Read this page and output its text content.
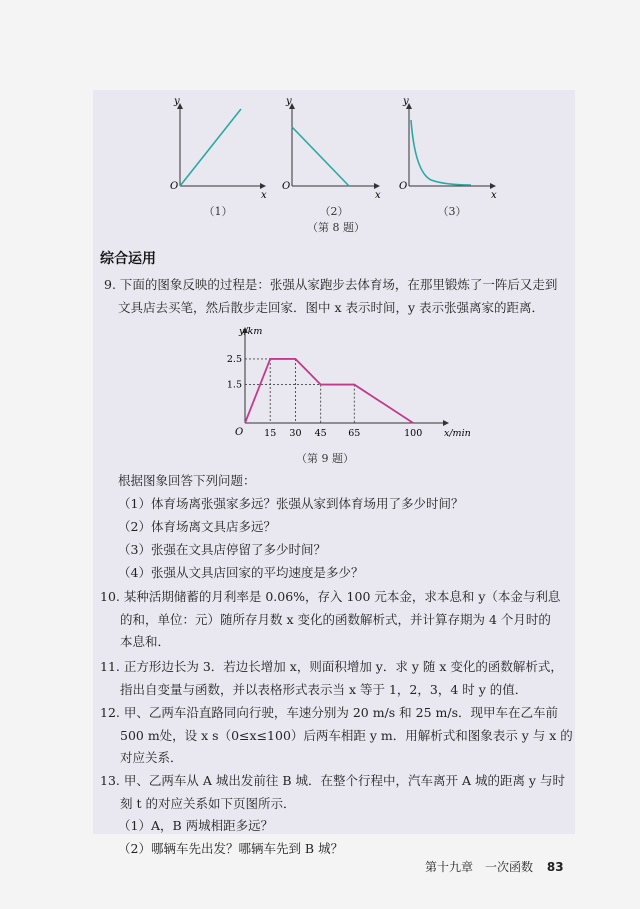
y
x
O
y
x
O
y
x
O
（1）	（2）	（3）
（第 8 题）
综合运用
9. 下面的图象反映的过程是：张强从家跑步去体育场，在那里锻炼了一阵后又走到
文具店去买笔，然后散步走回家．图中 x 表示时间，y 表示张强离家的距离．
15 30 45 65	100
2.5
1.5
O	x/min
y/km
（第 9 题）
根据图象回答下列问题：
（1）体育场离张强家多远？张强从家到体育场用了多少时间？
（2）体育场离文具店多远？
（3）张强在文具店停留了多少时间？
（4）张强从文具店回家的平均速度是多少？
10. 某种活期储蓄的月利率是 0.06%，存入 100 元本金，求本息和 y（本金与利息
的和，单位：元）随所存月数 x 变化的函数解析式，并计算存期为 4 个月时的
本息和．
11. 正方形边长为 3．若边长增加 x，则面积增加 y．求 y 随 x 变化的函数解析式，
指出自变量与函数，并以表格形式表示当 x 等于 1，2，3，4 时 y 的值．
12. 甲、乙两车沿直路同向行驶，车速分别为 20 m/s 和 25 m/s．现甲车在乙车前
500 m处，设 x s（0≤x≤100）后两车相距 y m．用解析式和图象表示 y 与 x 的
对应关系．
13. 甲、乙两车从 A 城出发前往 B 城．在整个行程中，汽车离开 A 城的距离 y 与时
刻 t 的对应关系如下页图所示．
（1）A，B 两城相距多远？
（2）哪辆车先出发？哪辆车先到 B 城？
第十九章　一次函数 83
